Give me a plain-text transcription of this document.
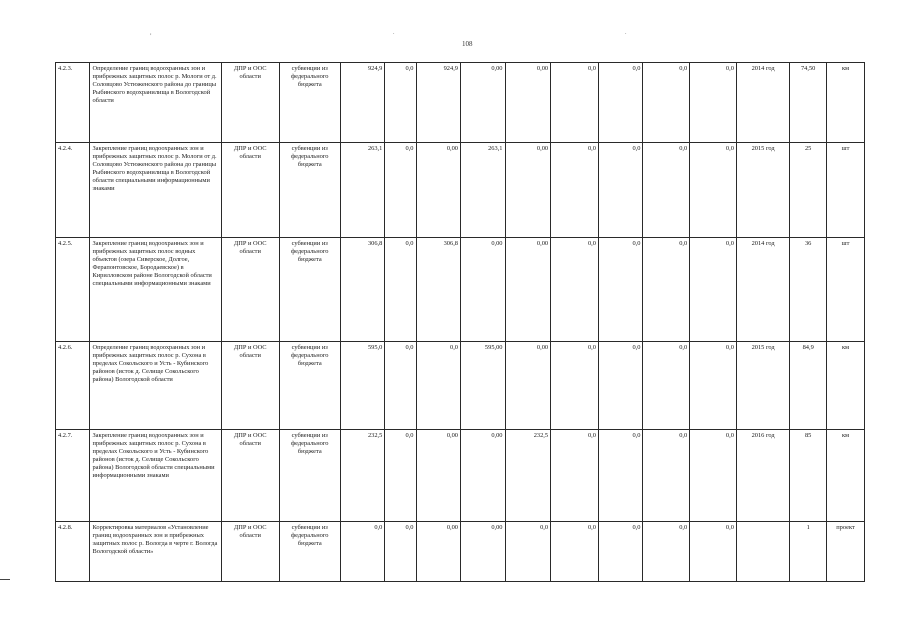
108
4.2.3.	Определение границ водоохранных зон и прибрежных защитных полос р. Мологи от д. Соловцово Устюженского района до границы Рыбинского водохранилища в Вологодской области	ДПР и ООС области	субвенции из федерального бюджета	924,9	0,0	924,9	0,00	0,00	0,0	0,0	0,0	0,0	2014 год	74,50	км
4.2.4.	Закрепление границ водоохранных зон и прибрежных защитных полос р. Мологи от д. Соловцово Устюженского района до границы Рыбинского водохранилища в Вологодской области специальными информационными знаками	ДПР и ООС области	субвенции из федерального бюджета	263,1	0,0	0,00	263,1	0,00	0,0	0,0	0,0	0,0	2015 год	25	шт
4.2.5.	Закрепление границ водоохранных зон и прибрежных защитных полос водных объектов (озера Сиверское, Долгое, Ферапонтовское, Бородаевское) в Кирилловском районе Вологодской области специальными информационными знаками	ДПР и ООС области	субвенции из федерального бюджета	306,8	0,0	306,8	0,00	0,00	0,0	0,0	0,0	0,0	2014 год	36	шт
4.2.6.	Определение границ водоохранных зон и прибрежных защитных полос р. Сухона в пределах Сокольского и Усть - Кубинского районов (исток д. Селище Сокольского района) Вологодской области	ДПР и ООС области	субвенции из федерального бюджета	595,0	0,0	0,0	595,00	0,00	0,0	0,0	0,0	0,0	2015 год	84,9	км
4.2.7.	Закрепление границ водоохранных зон и прибрежных защитных полос р. Сухона в пределах Сокольского и Усть - Кубинского районов (исток д. Селище Сокольского района) Вологодской области специальными информационными знаками	ДПР и ООС области	субвенции из федерального бюджета	232,5	0,0	0,00	0,00	232,5	0,0	0,0	0,0	0,0	2016 год	85	км
4.2.8.	Корректировка материалов «Установление границ водоохранных зон и прибрежных защитных полос р. Вологда в черте г. Вологда Вологодской области»	ДПР и ООС области	субвенции из федерального бюджета	0,0	0,0	0,00	0,00	0,0	0,0	0,0	0,0	0,0		1	проект
,	.	.
